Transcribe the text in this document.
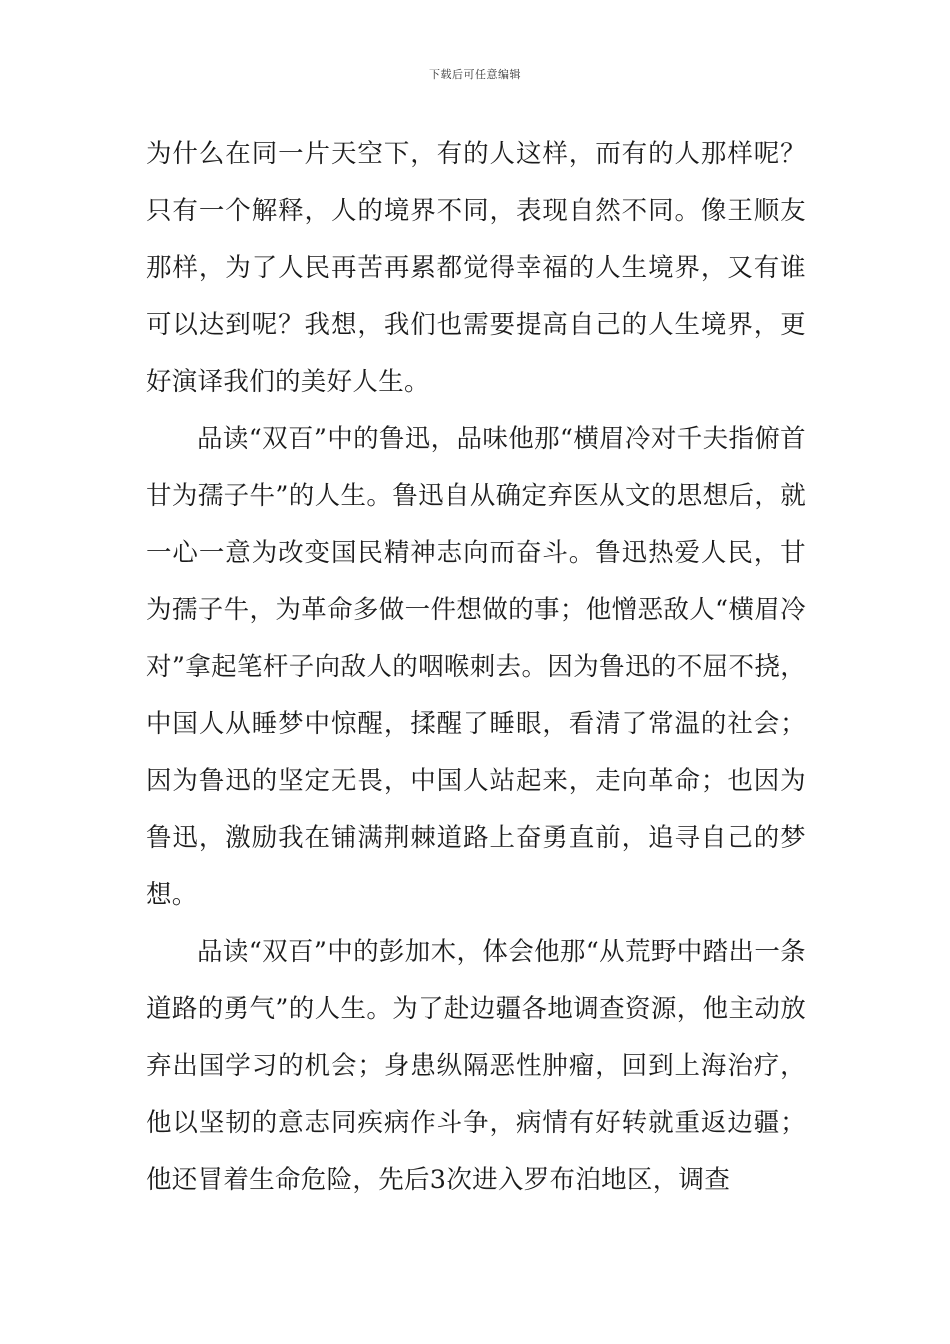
下载后可任意编辑

为什么在同一片天空下，有的人这样，而有的人那样呢？只有一个解释，人的境界不同，表现自然不同。像王顺友那样，为了人民再苦再累都觉得幸福的人生境界，又有谁可以达到呢？我想，我们也需要提高自己的人生境界，更好演译我们的美好人生。

品读“双百”中的鲁迅，品味他那“横眉冷对千夫指俯首甘为孺子牛”的人生。鲁迅自从确定弃医从文的思想后，就一心一意为改变国民精神志向而奋斗。鲁迅热爱人民，甘为孺子牛，为革命多做一件想做的事；他憎恶敌人“横眉冷对”拿起笔杆子向敌人的咽喉刺去。因为鲁迅的不屈不挠，中国人从睡梦中惊醒，揉醒了睡眼，看清了常温的社会；因为鲁迅的坚定无畏，中国人站起来，走向革命；也因为鲁迅，激励我在铺满荆棘道路上奋勇直前，追寻自己的梦想。

品读“双百”中的彭加木，体会他那“从荒野中踏出一条道路的勇气”的人生。为了赴边疆各地调查资源，他主动放弃出国学习的机会；身患纵隔恶性肿瘤，回到上海治疗，他以坚韧的意志同疾病作斗争，病情有好转就重返边疆；他还冒着生命危险，先后3次进入罗布泊地区，调查
